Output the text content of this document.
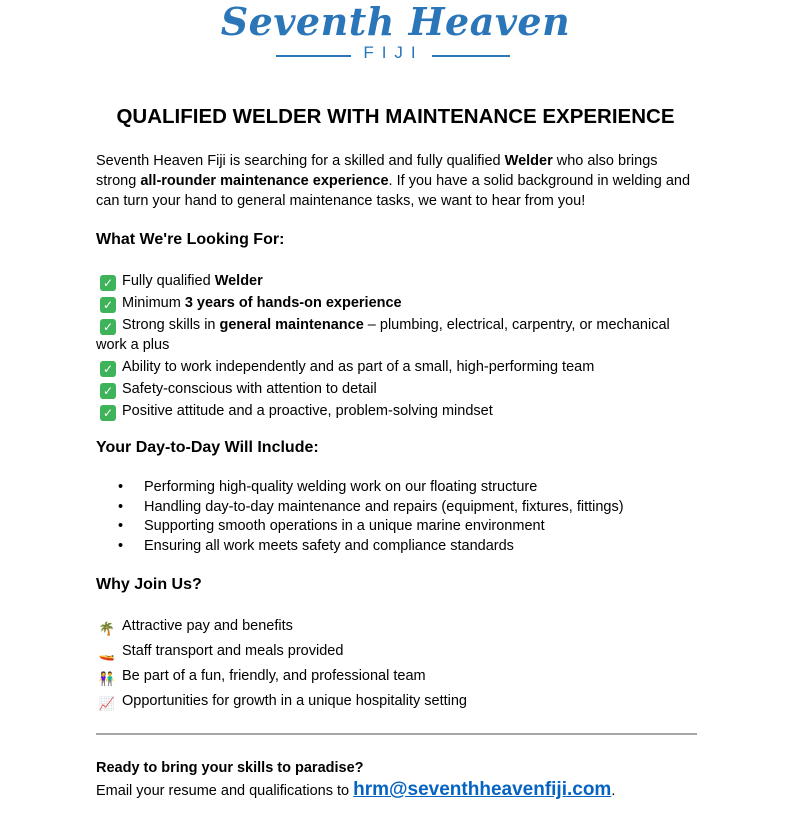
Seventh Heaven
FIJI
QUALIFIED WELDER WITH MAINTENANCE EXPERIENCE
Seventh Heaven Fiji is searching for a skilled and fully qualified Welder who also brings strong all-rounder maintenance experience. If you have a solid background in welding and can turn your hand to general maintenance tasks, we want to hear from you!
What We're Looking For:
✓ Fully qualified Welder
✓ Minimum 3 years of hands-on experience
✓ Strong skills in general maintenance – plumbing, electrical, carpentry, or mechanical work a plus
✓ Ability to work independently and as part of a small, high-performing team
✓ Safety-conscious with attention to detail
✓ Positive attitude and a proactive, problem-solving mindset
Your Day-to-Day Will Include:
• Performing high-quality welding work on our floating structure
• Handling day-to-day maintenance and repairs (equipment, fixtures, fittings)
• Supporting smooth operations in a unique marine environment
• Ensuring all work meets safety and compliance standards
Why Join Us?
🌴 Attractive pay and benefits
🚤 Staff transport and meals provided
👫 Be part of a fun, friendly, and professional team
📈 Opportunities for growth in a unique hospitality setting
Ready to bring your skills to paradise?
Email your resume and qualifications to hrm@seventhheavenfiji.com.
